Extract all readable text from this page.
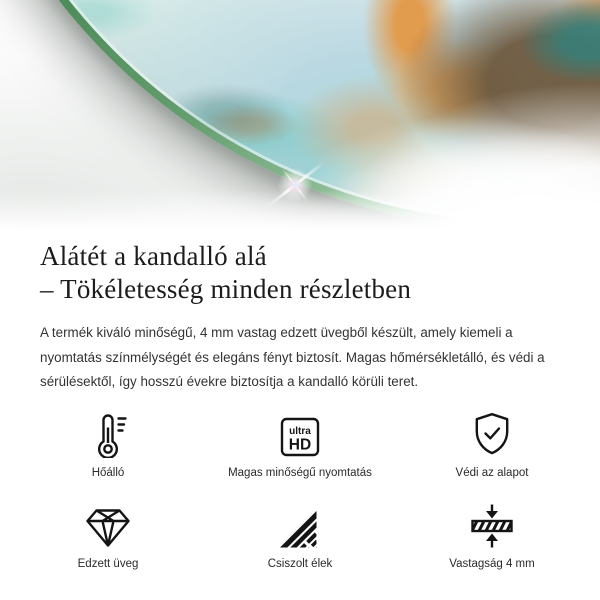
Alátét a kandalló alá
– Tökéletesség minden részletben

A termék kiváló minőségű, 4 mm vastag edzett üvegből készült, amely kiemeli a nyomtatás színmélységét és elegáns fényt biztosít. Magas hőmérsékletálló, és védi a sérülésektől, így hosszú évekre biztosítja a kandalló körüli teret.

Hőálló
ultra
HD
Magas minőségű nyomtatás	Védi az alapot
Edzett üveg	Csiszolt élek	Vastagság 4 mm
